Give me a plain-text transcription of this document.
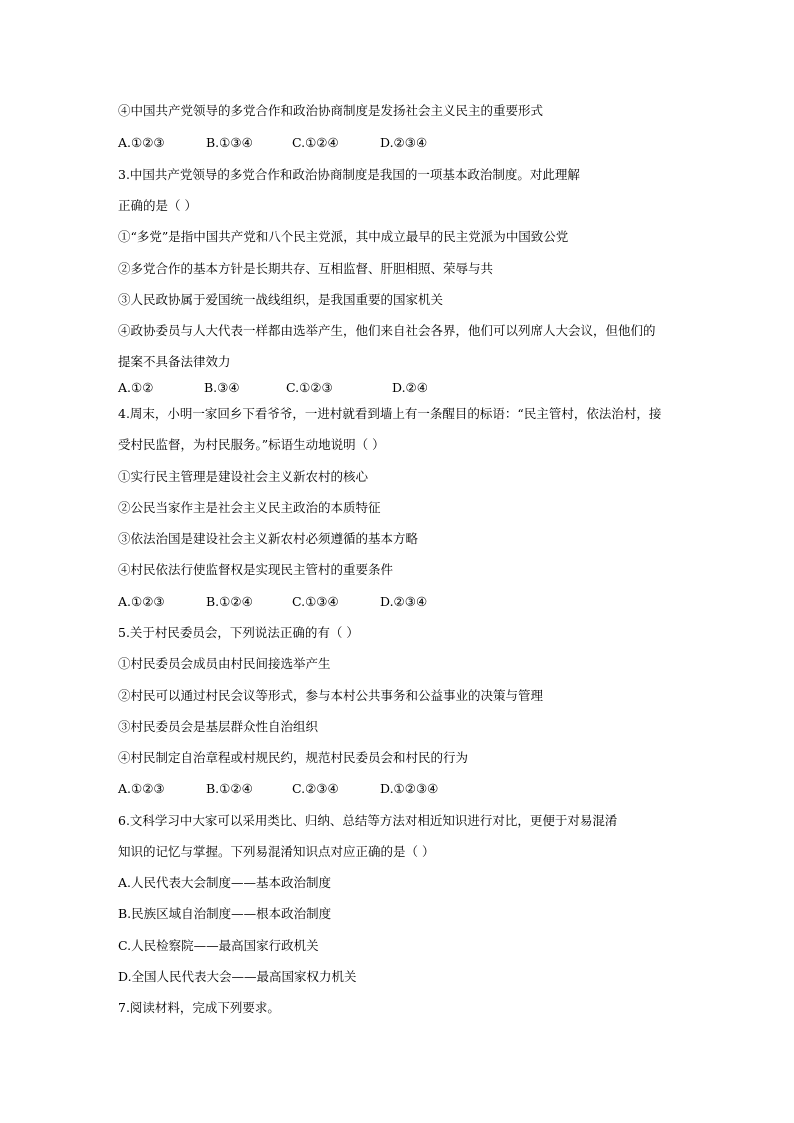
④中国共产党领导的多党合作和政治协商制度是发扬社会主义民主的重要形式
A.①②③	B.①③④	C.①②④	D.②③④
3.中国共产党领导的多党合作和政治协商制度是我国的一项基本政治制度。对此理解
正确的是（ ）
①“多党”是指中国共产党和八个民主党派，其中成立最早的民主党派为中国致公党
②多党合作的基本方针是长期共存、互相监督、肝胆相照、荣辱与共
③人民政协属于爱国统一战线组织，是我国重要的国家机关
④政协委员与人大代表一样都由选举产生，他们来自社会各界，他们可以列席人大会议，但他们的
提案不具备法律效力
A.①②	B.③④	C.①②③	D.②④
4.周末，小明一家回乡下看爷爷，一进村就看到墙上有一条醒目的标语：“民主管村，依法治村，接
受村民监督，为村民服务。”标语生动地说明（ ）
①实行民主管理是建设社会主义新农村的核心
②公民当家作主是社会主义民主政治的本质特征
③依法治国是建设社会主义新农村必须遵循的基本方略
④村民依法行使监督权是实现民主管村的重要条件
A.①②③	B.①②④	C.①③④	D.②③④
5.关于村民委员会，下列说法正确的有（ ）
①村民委员会成员由村民间接选举产生
②村民可以通过村民会议等形式，参与本村公共事务和公益事业的决策与管理
③村民委员会是基层群众性自治组织
④村民制定自治章程或村规民约，规范村民委员会和村民的行为
A.①②③	B.①②④	C.②③④	D.①②③④
6.文科学习中大家可以采用类比、归纳、总结等方法对相近知识进行对比，更便于对易混淆
知识的记忆与掌握。下列易混淆知识点对应正确的是（ ）
A.人民代表大会制度——基本政治制度
B.民族区域自治制度——根本政治制度
C.人民检察院——最高国家行政机关
D.全国人民代表大会——最高国家权力机关
7.阅读材料，完成下列要求。
